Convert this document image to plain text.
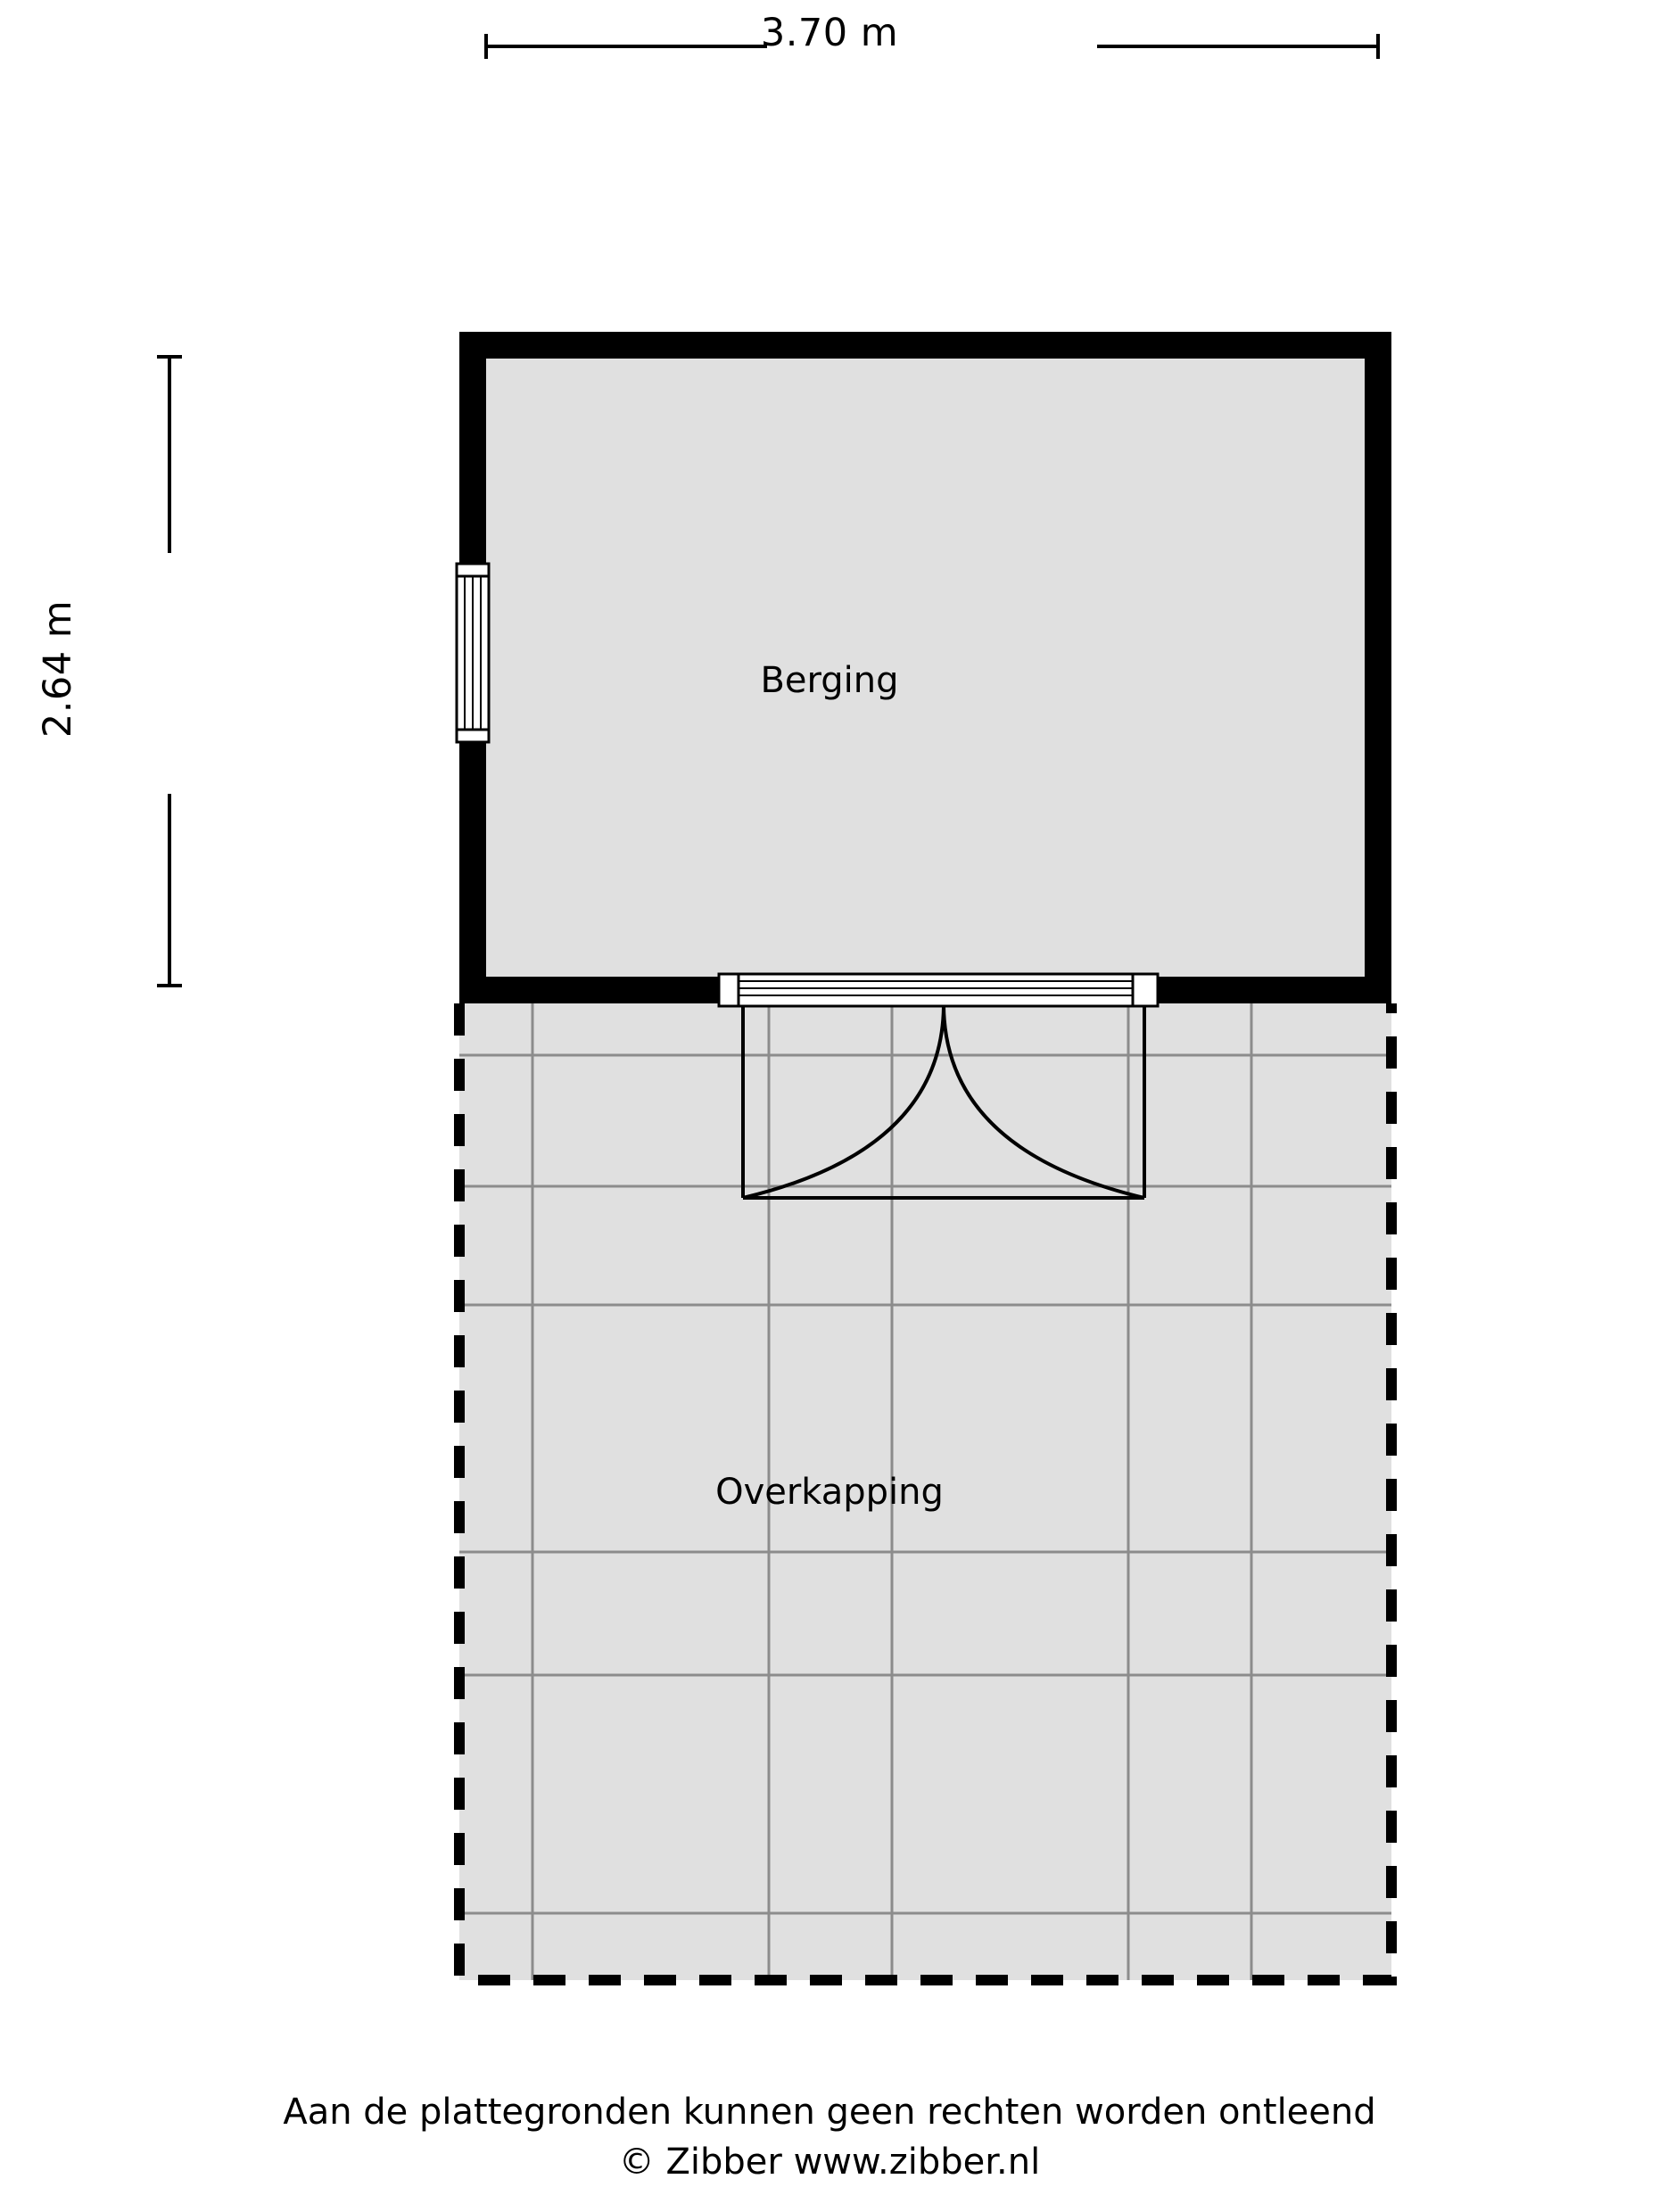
3.70 m
2.64 m	Berging
Overkapping
Aan de plattegronden kunnen geen rechten worden ontleend
© Zibber www.zibber.nl
